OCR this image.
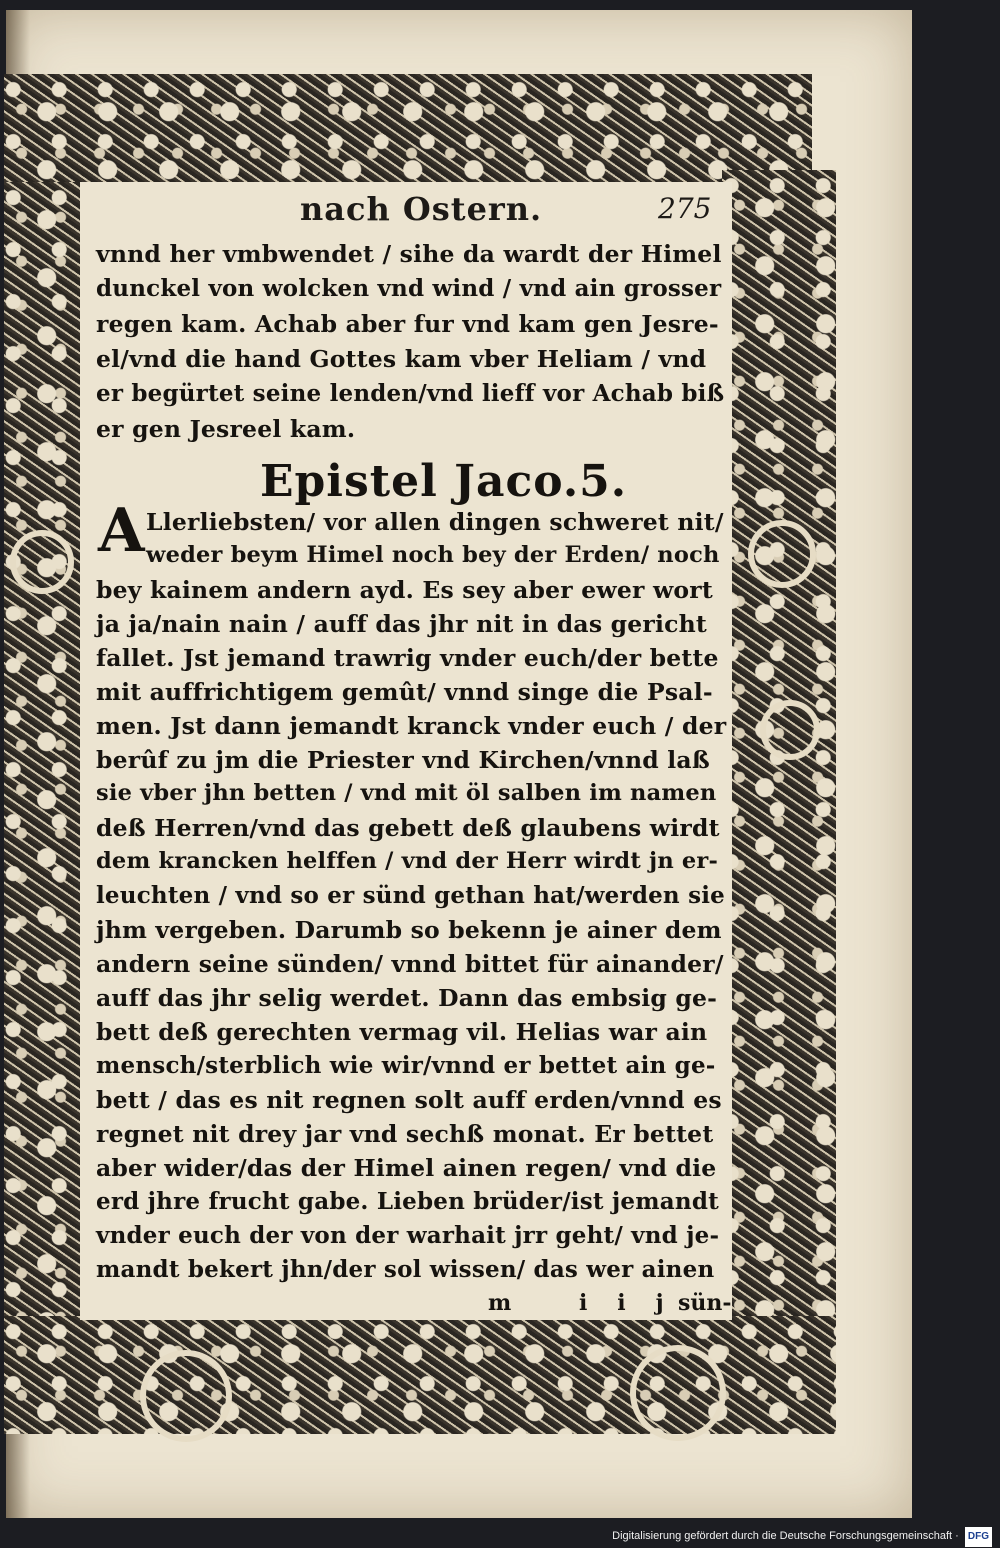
nach Ostern.	275
vnnd her vmbwendet / sihe da wardt der Himel
dunckel von wolcken vnd wind / vnd ain grosser
regen kam. Achab aber fur vnd kam gen Jesre-
el/vnd die hand Gottes kam vber Heliam / vnd
er begürtet seine lenden/vnd lieff vor Achab biß
er gen Jesreel kam.
Epistel Jaco.5.
A Llerliebsten/ vor allen dingen schweret nit/
weder beym Himel noch bey der Erden/ noch
bey kainem andern ayd. Es sey aber ewer wort
ja ja/nain nain / auff das jhr nit in das gericht
fallet. Jst jemand trawrig vnder euch/der bette
mit auffrichtigem gemût/ vnnd singe die Psal-
men. Jst dann jemandt kranck vnder euch / der
berûf zu jm die Priester vnd Kirchen/vnnd laß
sie vber jhn betten / vnd mit öl salben im namen
deß Herren/vnd das gebett deß glaubens wirdt
dem krancken helffen / vnd der Herr wirdt jn er-
leuchten / vnd so er sünd gethan hat/werden sie
jhm vergeben. Darumb so bekenn je ainer dem
andern seine sünden/ vnnd bittet für ainander/
auff das jhr selig werdet. Dann das embsig ge-
bett deß gerechten vermag vil. Helias war ain
mensch/sterblich wie wir/vnnd er bettet ain ge-
bett / das es nit regnen solt auff erden/vnnd es
regnet nit drey jar vnd sechß monat. Er bettet
aber wider/das der Himel ainen regen/ vnd die
erd jhre frucht gabe. Lieben brüder/ist jemandt
vnder euch der von der warhait jrr geht/ vnd je-
mandt bekert jhn/der sol wissen/ das wer ainen
m iij
sün-
Digitalisierung gefördert durch die Deutsche Forschungsgemeinschaft · DFG
